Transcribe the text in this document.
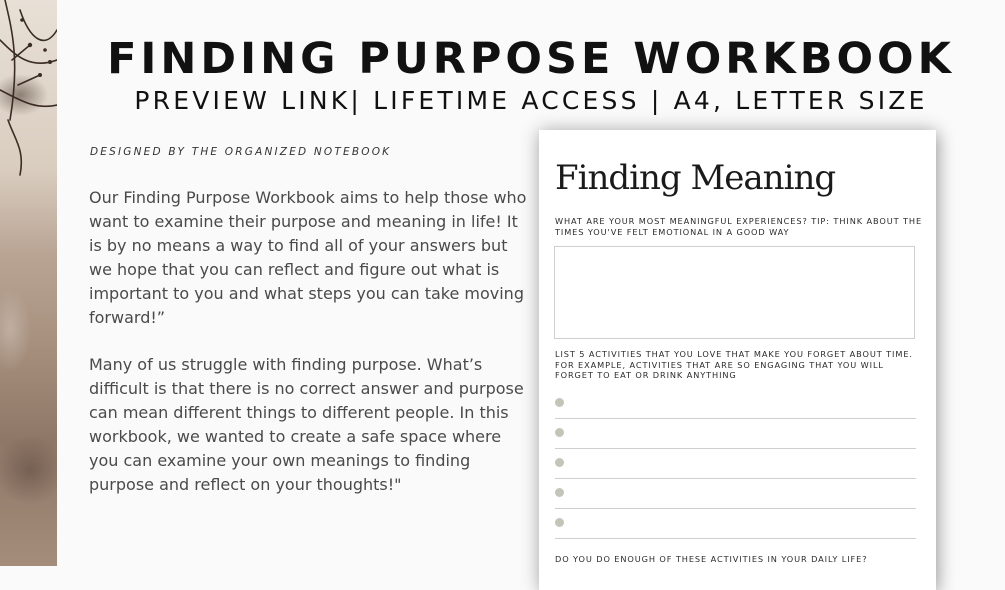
FINDING PURPOSE WORKBOOK
PREVIEW LINK| LIFETIME ACCESS | A4, LETTER SIZE
DESIGNED BY THE ORGANIZED NOTEBOOK

Our Finding Purpose Workbook aims to help those who want to examine their purpose and meaning in life! It is by no means a way to find all of your answers but we hope that you can reflect and figure out what is important to you and what steps you can take moving forward!”

Many of us struggle with finding purpose. What’s difficult is that there is no correct answer and purpose can mean different things to different people. In this workbook, we wanted to create a safe space where you can examine your own meanings to finding purpose and reflect on your thoughts!"

Finding Meaning
WHAT ARE YOUR MOST MEANINGFUL EXPERIENCES? TIP: THINK ABOUT THE TIMES YOU'VE FELT EMOTIONAL IN A GOOD WAY
LIST 5 ACTIVITIES THAT YOU LOVE THAT MAKE YOU FORGET ABOUT TIME. FOR EXAMPLE, ACTIVITIES THAT ARE SO ENGAGING THAT YOU WILL FORGET TO EAT OR DRINK ANYTHING
DO YOU DO ENOUGH OF THESE ACTIVITIES IN YOUR DAILY LIFE?
